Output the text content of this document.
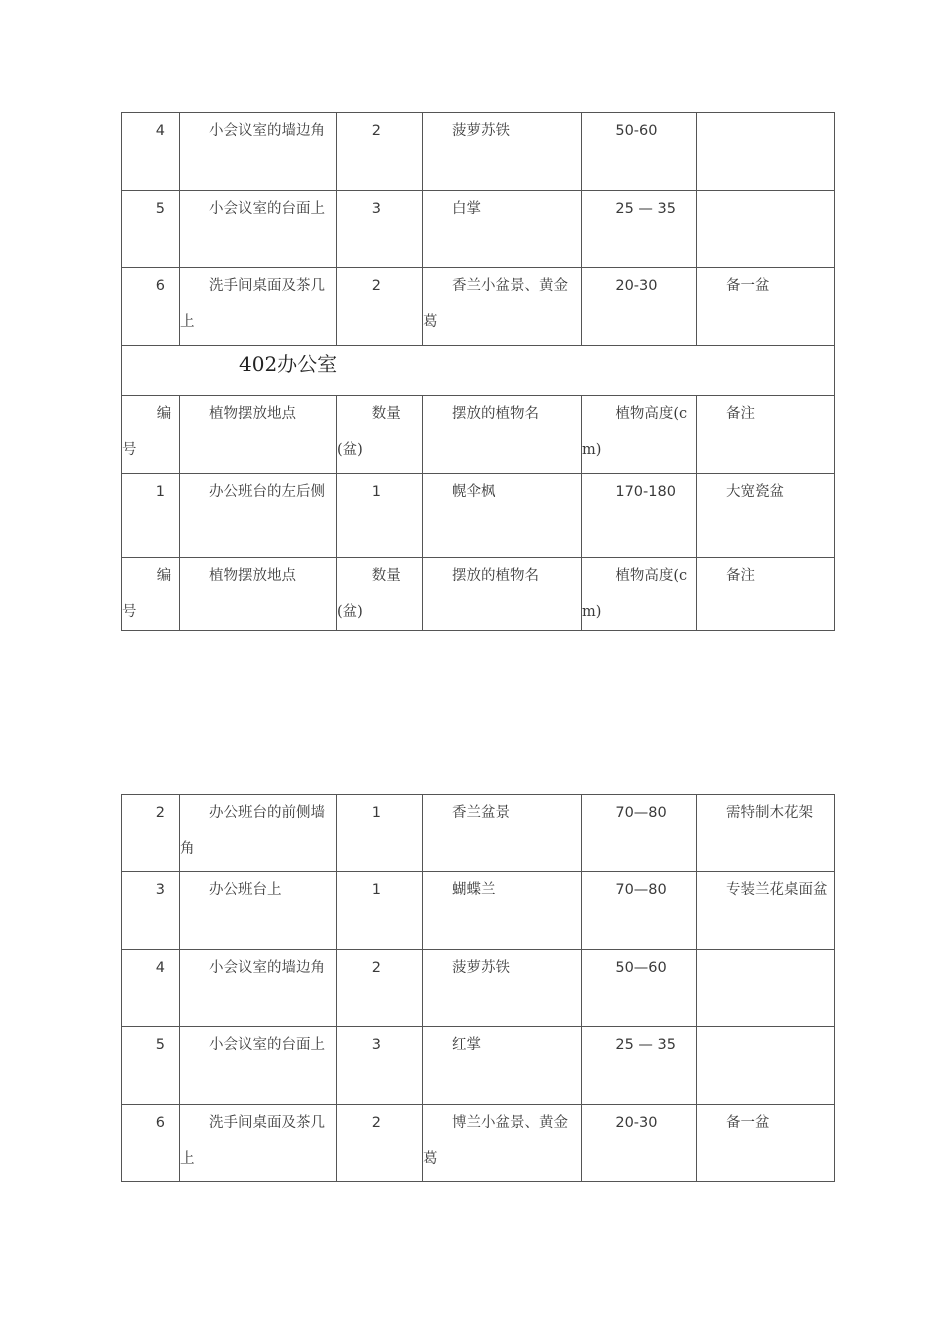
4	小会议室的墙边角	2	菠萝苏铁	50-60	
5	小会议室的台面上	3	白掌	25 — 35	
6	洗手间桌面及茶几上	2	香兰小盆景、黄金葛	20-30	备一盆
402办公室					
编号	植物摆放地点	数量(盆)	摆放的植物名	植物高度(cm)	备注
1	办公班台的左后侧	1	幌伞枫	170-180	大宽瓷盆
编号	植物摆放地点	数量(盆)	摆放的植物名	植物高度(cm)	备注
2	办公班台的前侧墙角	1	香兰盆景	70—80	需特制木花架
3	办公班台上	1	蝴蝶兰	70—80	专装兰花桌面盆
4	小会议室的墙边角	2	菠萝苏铁	50—60	
5	小会议室的台面上	3	红掌	25 — 35	
6	洗手间桌面及茶几上	2	博兰小盆景、黄金葛	20-30	备一盆
